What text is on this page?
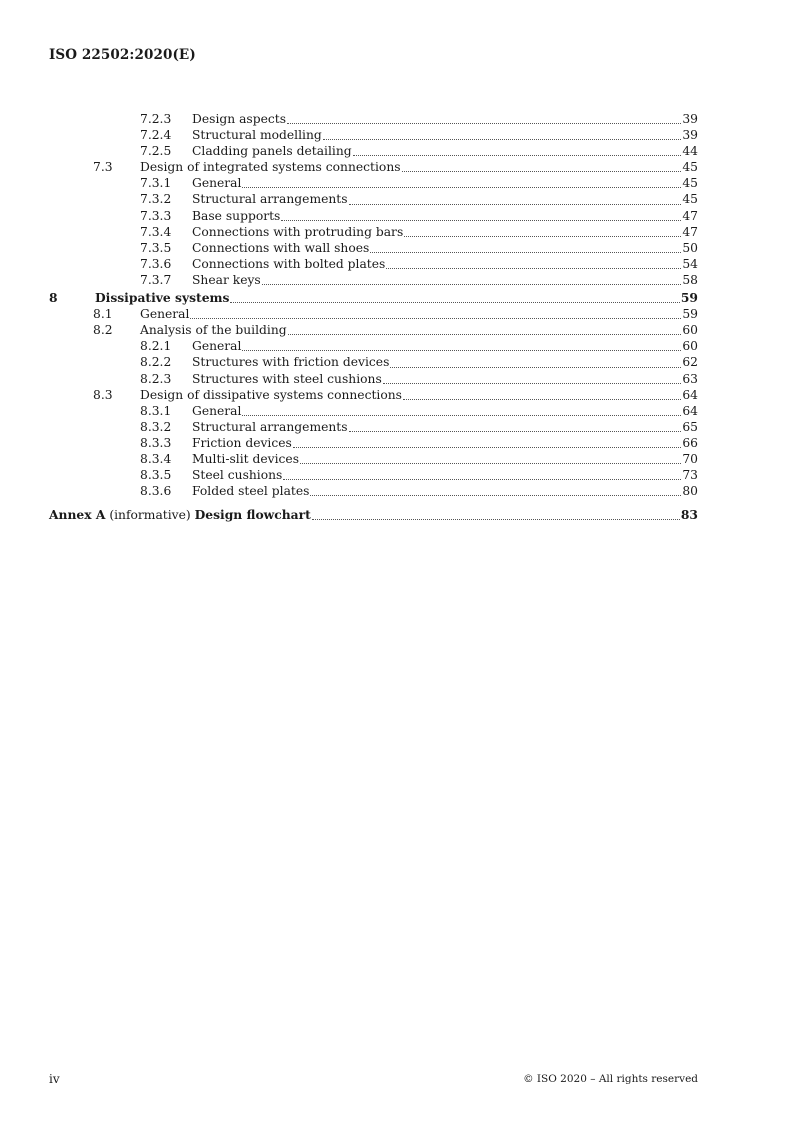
ISO 22502:2020(E)
7.2.3 Design aspects	39
7.2.4 Structural modelling	39
7.2.5 Cladding panels detailing	44
7.3 Design of integrated systems connections	45
7.3.1 General	45
7.3.2 Structural arrangements	45
7.3.3 Base supports	47
7.3.4 Connections with protruding bars	47
7.3.5 Connections with wall shoes	50
7.3.6 Connections with bolted plates	54
7.3.7 Shear keys	58
8	Dissipative systems	59
8.1 General	59
8.2 Analysis of the building	60
8.2.1 General	60
8.2.2 Structures with friction devices	62
8.2.3 Structures with steel cushions	63
8.3 Design of dissipative systems connections	64
8.3.1 General	64
8.3.2 Structural arrangements	65
8.3.3 Friction devices	66
8.3.4 Multi-slit devices	70
8.3.5 Steel cushions	73
8.3.6 Folded steel plates	80
Annex A (informative) Design flowchart	83
iv	© ISO 2020 – All rights reserved
